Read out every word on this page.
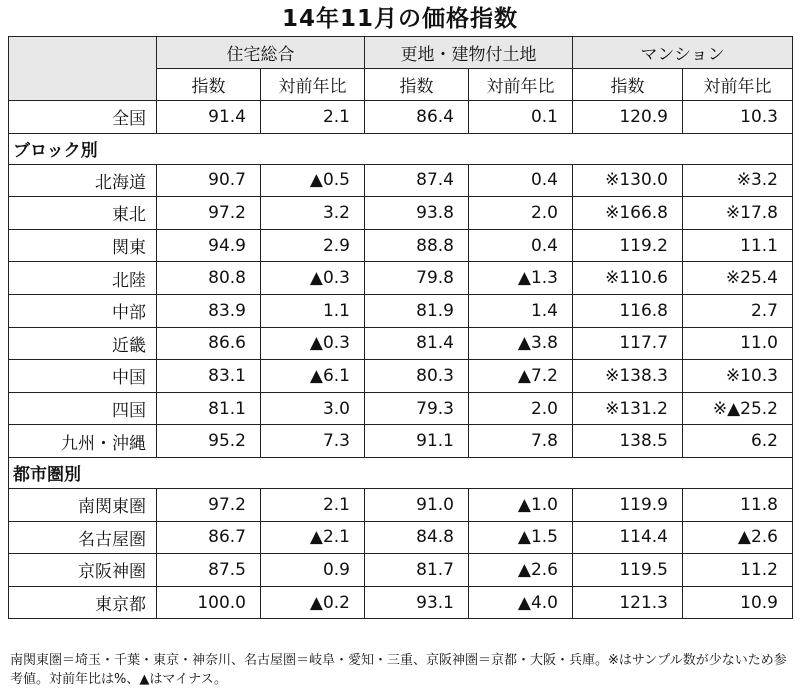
14年11月の価格指数
	住宅総合		更地・建物付土地		マンション	
	指数	対前年比	指数	対前年比	指数	対前年比
全国	91.4	2.1	86.4	0.1	120.9	10.3
ブロック別						
北海道	90.7	▲0.5	87.4	0.4	※130.0	※3.2
東北	97.2	3.2	93.8	2.0	※166.8	※17.8
関東	94.9	2.9	88.8	0.4	119.2	11.1
北陸	80.8	▲0.3	79.8	▲1.3	※110.6	※25.4
中部	83.9	1.1	81.9	1.4	116.8	2.7
近畿	86.6	▲0.3	81.4	▲3.8	117.7	11.0
中国	83.1	▲6.1	80.3	▲7.2	※138.3	※10.3
四国	81.1	3.0	79.3	2.0	※131.2	※▲25.2
九州・沖縄	95.2	7.3	91.1	7.8	138.5	6.2
都市圏別						
南関東圏	97.2	2.1	91.0	▲1.0	119.9	11.8
名古屋圏	86.7	▲2.1	84.8	▲1.5	114.4	▲2.6
京阪神圏	87.5	0.9	81.7	▲2.6	119.5	11.2
東京都	100.0	▲0.2	93.1	▲4.0	121.3	10.9
南関東圏＝埼玉・千葉・東京・神奈川、名古屋圏＝岐阜・愛知・三重、京阪神圏＝京都・大阪・兵庫。※はサンプル数が少ないため参考値。対前年比は%、▲はマイナス。
